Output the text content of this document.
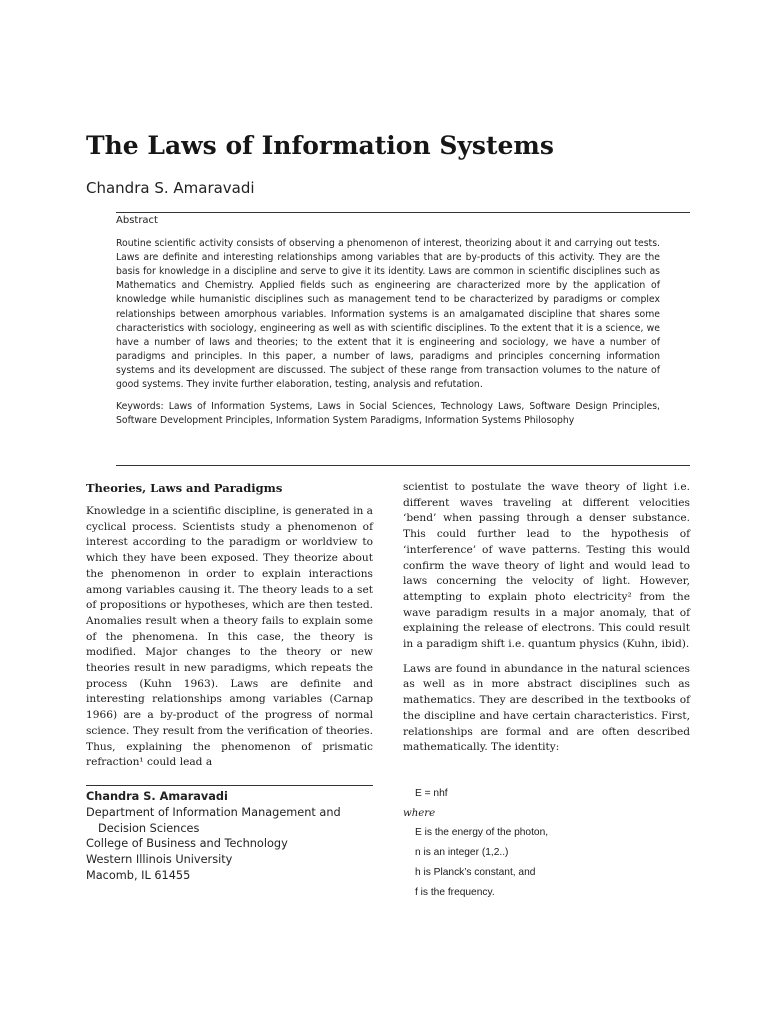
The Laws of Information Systems
Chandra S. Amaravadi
Abstract

Routine scientific activity consists of observing a phenomenon of interest, theorizing about it and carrying out tests. Laws are definite and interesting relationships among variables that are by-products of this activity. They are the basis for knowledge in a discipline and serve to give it its identity. Laws are common in scientific disciplines such as Mathematics and Chemistry. Applied fields such as engineering are characterized more by the application of knowledge while humanistic disciplines such as management tend to be characterized by paradigms or complex relationships between amorphous variables. Information systems is an amalgamated discipline that shares some characteristics with sociology, engineering as well as with scientific disciplines. To the extent that it is a science, we have a number of laws and theories; to the extent that it is engineering and sociology, we have a number of paradigms and principles. In this paper, a number of laws, paradigms and principles concerning information systems and its development are discussed. The subject of these range from transaction volumes to the nature of good systems. They invite further elaboration, testing, analysis and refutation.

Keywords: Laws of Information Systems, Laws in Social Sciences, Technology Laws, Software Design Principles, Software Development Principles, Information System Paradigms, Information Systems Philosophy

Theories, Laws and Paradigms

Knowledge in a scientific discipline, is generated in a cyclical process. Scientists study a phenomenon of interest according to the paradigm or worldview to which they have been exposed. They theorize about the phenomenon in order to explain interactions among variables causing it. The theory leads to a set of propositions or hypotheses, which are then tested. Anomalies result when a theory fails to explain some of the phenomena. In this case, the theory is modified. Major changes to the theory or new theories result in new paradigms, which repeats the process (Kuhn 1963). Laws are definite and interesting relationships among variables (Carnap 1966) are a by-product of the progress of normal science. They result from the verification of theories. Thus, explaining the phenomenon of prismatic refraction¹ could lead a

scientist to postulate the wave theory of light i.e. different waves traveling at different velocities ‘bend’ when passing through a denser substance. This could further lead to the hypothesis of ‘interference’ of wave patterns. Testing this would confirm the wave theory of light and would lead to laws concerning the velocity of light. However, attempting to explain photo electricity² from the wave paradigm results in a major anomaly, that of explaining the release of electrons. This could result in a paradigm shift i.e. quantum physics (Kuhn, ibid).

Laws are found in abundance in the natural sciences as well as in more abstract disciplines such as mathematics. They are described in the textbooks of the discipline and have certain characteristics. First, relationships are formal and are often described mathematically. The identity:

Chandra S. Amaravadi
Department of Information Management and
Decision Sciences
College of Business and Technology
Western Illinois University
Macomb, IL 61455
E = nhf
where
E is the energy of the photon,
n is an integer (1,2..)
h is Planck’s constant, and
f is the frequency.
